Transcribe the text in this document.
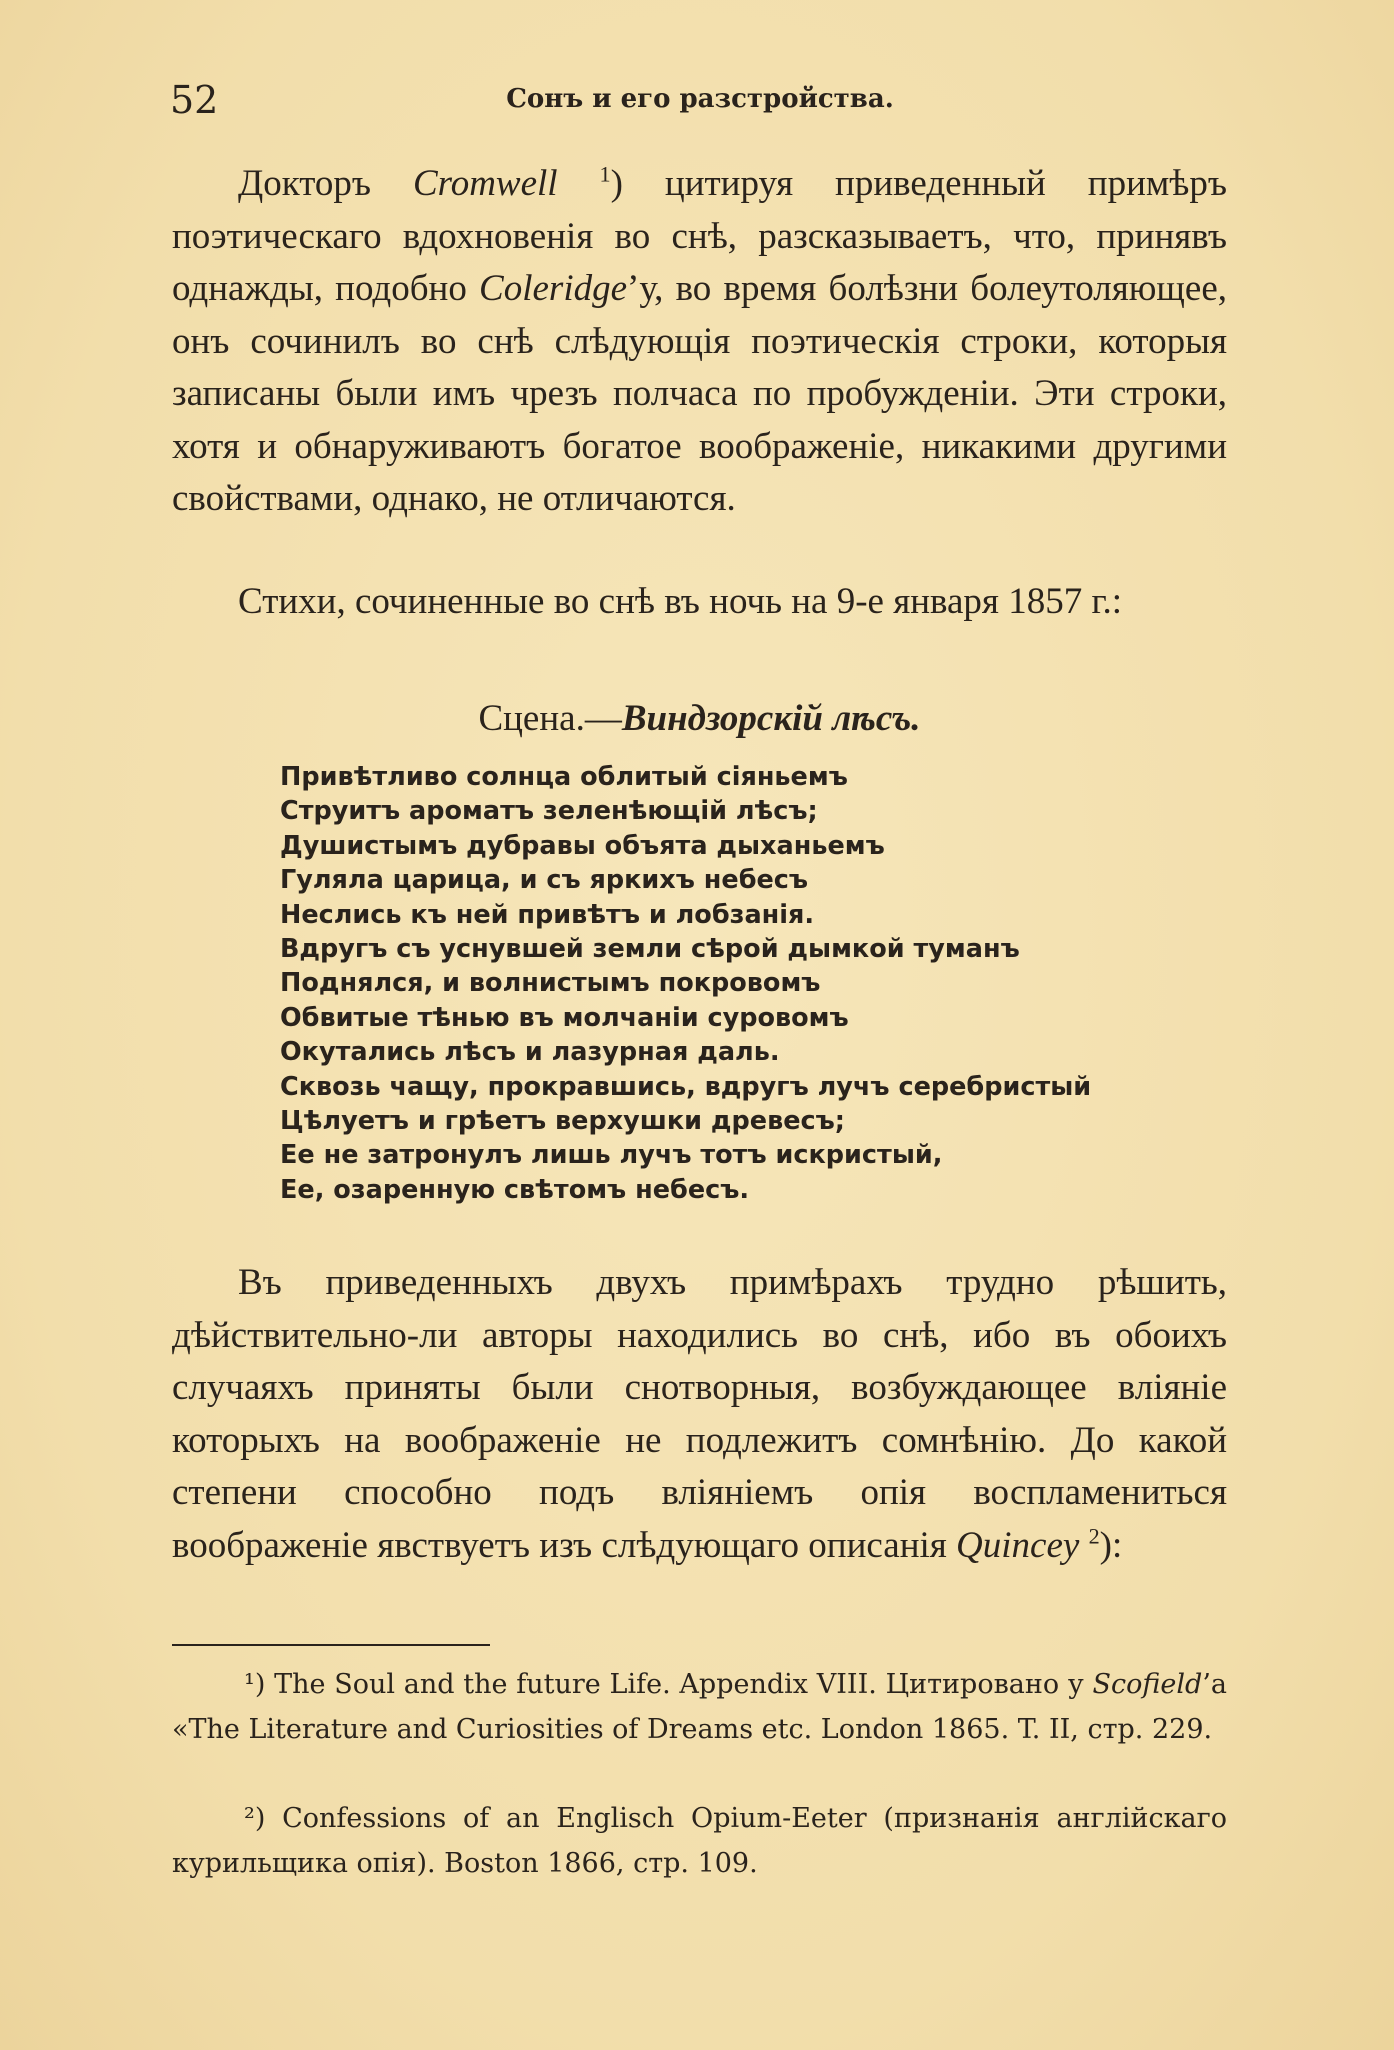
52	Сонъ и его разстройства.

Докторъ Cromwell $^1$) цитируя приведенный примѣръ поэтическаго вдохновенія во снѣ, разсказываетъ, что, принявъ однажды, подобно Coleridge’у, во время болѣзни болеутоляющее, онъ сочинилъ во снѣ слѣдующія поэтическія строки, которыя записаны были имъ чрезъ полчаса по пробужденіи. Эти строки, хотя и обнаруживаютъ богатое воображеніе, никакими другими свойствами, однако, не отличаются.

Стихи, сочиненные во снѣ въ ночь на 9-е января 1857 г.:

Сцена.—Виндзорскій лѣсъ.

Привѣтливо солнца облитый сіяньемъ
Струитъ ароматъ зеленѣющій лѣсъ;
Душистымъ дубравы объята дыханьемъ
Гуляла царица, и съ яркихъ небесъ
Неслись къ ней привѣтъ и лобзанія.
Вдругъ съ уснувшей земли сѣрой дымкой туманъ
Поднялся, и волнистымъ покровомъ
Обвитые тѣнью въ молчаніи суровомъ
Окутались лѣсъ и лазурная даль.
Сквозь чащу, прокравшись, вдругъ лучъ серебристый
Цѣлуетъ и грѣетъ верхушки древесъ;
Ее не затронулъ лишь лучъ тотъ искристый,
Ее, озаренную свѣтомъ небесъ.

Въ приведенныхъ двухъ примѣрахъ трудно рѣшить, дѣйствительно-ли авторы находились во снѣ, ибо въ обоихъ случаяхъ приняты были снотворныя, возбуждающее вліяніе которыхъ на воображеніе не подлежитъ сомнѣнію. До какой степени способно подъ вліяніемъ опія воспламениться воображеніе явствуетъ изъ слѣдующаго описанія Quincey $^2$):

¹) The Soul and the future Life. Appendix VIII. Цитировано у Scofield’а «The Literature and Curiosities of Dreams etc. London 1865. T. II, стр. 229.

²) Confessions of an Englisch Opium-Eeter (признанія англійскаго курильщика опія). Boston 1866, стр. 109.
